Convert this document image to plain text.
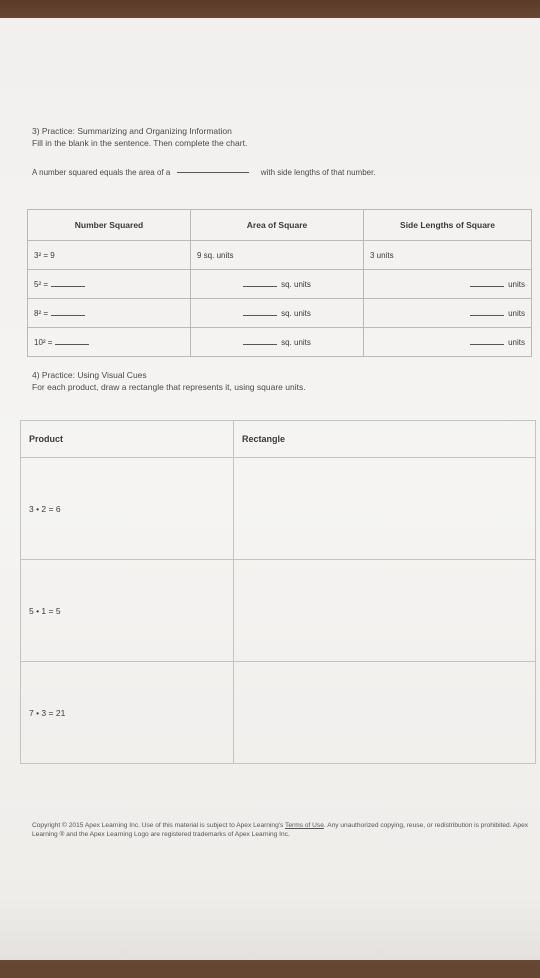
3) Practice: Summarizing and Organizing Information
Fill in the blank in the sentence. Then complete the chart.
A number squared equals the area of a	with side lengths of that number.
Number Squared	Area of Square	Side Lengths of Square
3² = 9	9 sq. units	3 units
5² =	sq. units	units
8² =	sq. units	units
10² =	sq. units	units
4) Practice: Using Visual Cues
For each product, draw a rectangle that represents it, using square units.
Product	Rectangle
3 • 2 = 6	
5 • 1 = 5	
7 • 3 = 21	
Copyright © 2015 Apex Learning Inc. Use of this material is subject to Apex Learning's Terms of Use. Any unauthorized copying, reuse, or redistribution is prohibited. Apex Learning ® and the Apex Learning Logo are registered trademarks of Apex Learning Inc.
